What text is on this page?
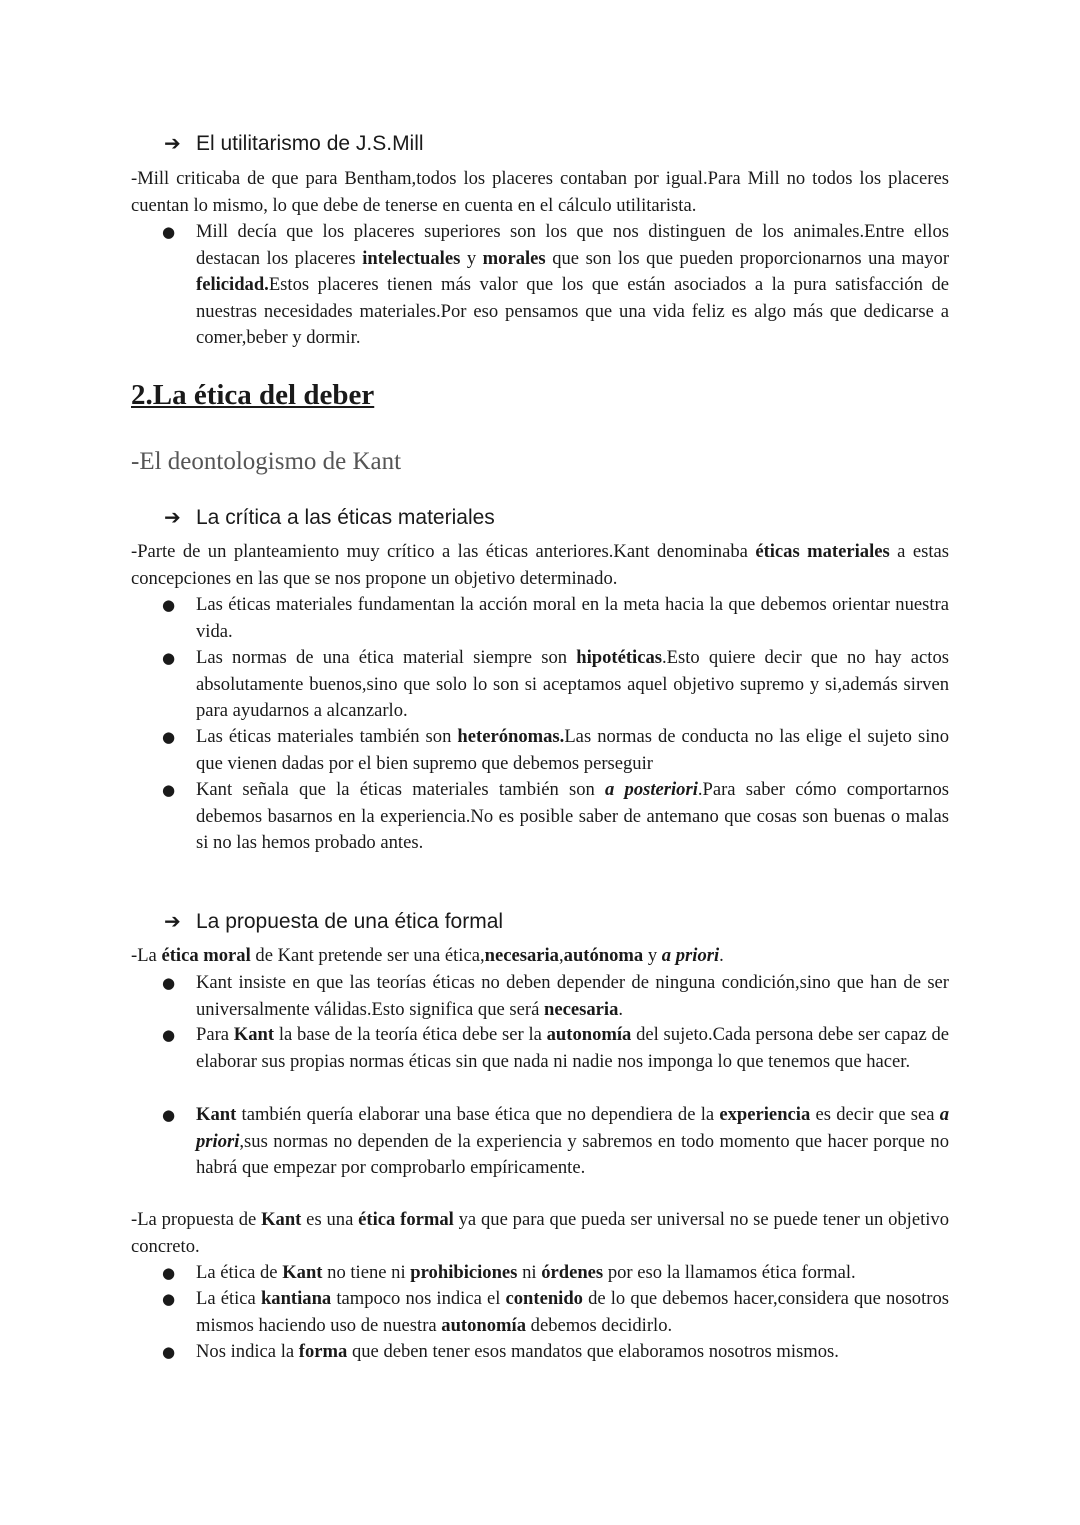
➔ El utilitarismo de J.S.Mill

-Mill criticaba de que para Bentham,todos los placeres contaban por igual.Para Mill no todos los placeres cuentan lo mismo, lo que debe de tenerse en cuenta en el cálculo utilitarista.

● Mill decía que los placeres superiores son los que nos distinguen de los animales.Entre ellos destacan los placeres intelectuales y morales que son los que pueden proporcionarnos una mayor felicidad.Estos placeres tienen más valor que los que están asociados a la pura satisfacción de nuestras necesidades materiales.Por eso pensamos que una vida feliz es algo más que dedicarse a comer,beber y dormir.

2.La ética del deber
-El deontologismo de Kant
➔ La crítica a las éticas materiales

-Parte de un planteamiento muy crítico a las éticas anteriores.Kant denominaba éticas materiales a estas concepciones en las que se nos propone un objetivo determinado.

● Las éticas materiales fundamentan la acción moral en la meta hacia la que debemos orientar nuestra vida.

● Las normas de una ética material siempre son hipotéticas.Esto quiere decir que no hay actos absolutamente buenos,sino que solo lo son si aceptamos aquel objetivo supremo y si,además sirven para ayudarnos a alcanzarlo.

● Las éticas materiales también son heterónomas.Las normas de conducta no las elige el sujeto sino que vienen dadas por el bien supremo que debemos perseguir

● Kant señala que la éticas materiales también son a posteriori.Para saber cómo comportarnos debemos basarnos en la experiencia.No es posible saber de antemano que cosas son buenas o malas si no las hemos probado antes.

➔ La propuesta de una ética formal

-La ética moral de Kant pretende ser una ética,necesaria,autónoma y a priori.

● Kant insiste en que las teorías éticas no deben depender de ninguna condición,sino que han de ser universalmente válidas.Esto significa que será necesaria.

● Para Kant la base de la teoría ética debe ser la autonomía del sujeto.Cada persona debe ser capaz de elaborar sus propias normas éticas sin que nada ni nadie nos imponga lo que tenemos que hacer.

● Kant también quería elaborar una base ética que no dependiera de la experiencia es decir que sea a priori,sus normas no dependen de la experiencia y sabremos en todo momento que hacer porque no habrá que empezar por comprobarlo empíricamente.

-La propuesta de Kant es una ética formal ya que para que pueda ser universal no se puede tener un objetivo concreto.

● La ética de Kant no tiene ni prohibiciones ni órdenes por eso la llamamos ética formal.

● La ética kantiana tampoco nos indica el contenido de lo que debemos hacer,considera que nosotros mismos haciendo uso de nuestra autonomía debemos decidirlo.

● Nos indica la forma que deben tener esos mandatos que elaboramos nosotros mismos.
